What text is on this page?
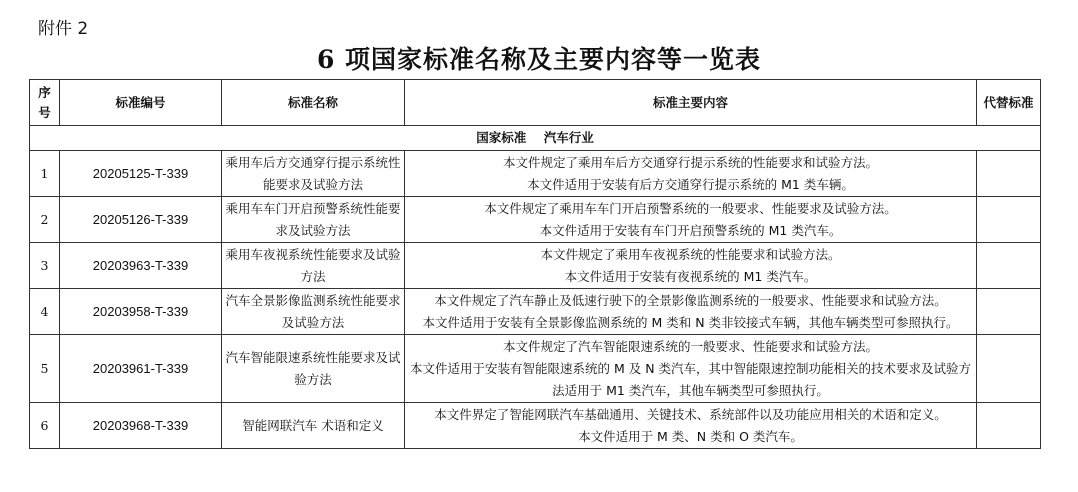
附件 2
6 项国家标准名称及主要内容等一览表
序号	标准编号	标准名称	标准主要内容	代替标准
国家标准    汽车行业				
1	20205125-T-339	乘用车后方交通穿行提示系统性能要求及试验方法	本文件规定了乘用车后方交通穿行提示系统的性能要求和试验方法。
本文件适用于安装有后方交通穿行提示系统的 M1 类车辆。	

2	20205126-T-339	乘用车车门开启预警系统性能要求及试验方法	本文件规定了乘用车车门开启预警系统的一般要求、性能要求及试验方法。
本文件适用于安装有车门开启预警系统的 M1 类汽车。	

3	20203963-T-339	乘用车夜视系统性能要求及试验方法	本文件规定了乘用车夜视系统的性能要求和试验方法。
本文件适用于安装有夜视系统的 M1 类汽车。	

4	20203958-T-339	汽车全景影像监测系统性能要求及试验方法	本文件规定了汽车静止及低速行驶下的全景影像监测系统的一般要求、性能要求和试验方法。
本文件适用于安装有全景影像监测系统的 M 类和 N 类非铰接式车辆，其他车辆类型可参照执行。	

5	20203961-T-339	汽车智能限速系统性能要求及试验方法	本文件规定了汽车智能限速系统的一般要求、性能要求和试验方法。
本文件适用于安装有智能限速系统的 M 及 N 类汽车，其中智能限速控制功能相关的技术要求及试验方法适用于 M1 类汽车，其他车辆类型可参照执行。	

6	20203968-T-339	智能网联汽车 术语和定义	本文件界定了智能网联汽车基础通用、关键技术、系统部件以及功能应用相关的术语和定义。
本文件适用于 M 类、N 类和 O 类汽车。	
